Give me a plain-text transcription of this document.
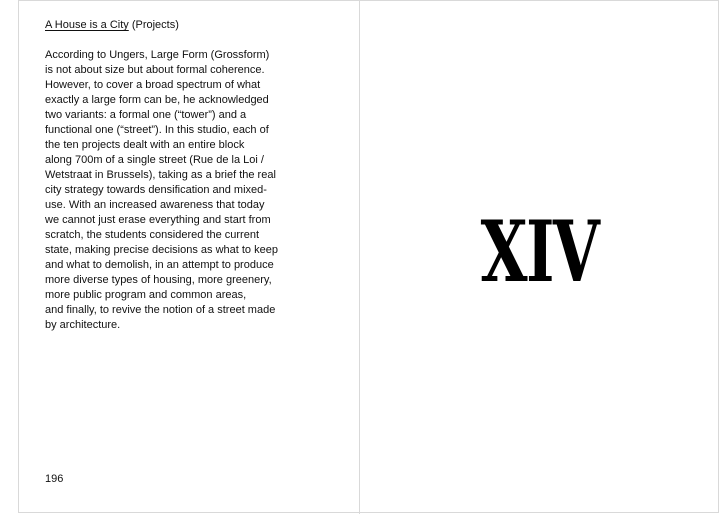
A House is a City (Projects)
According to Ungers, Large Form (Grossform)
is not about size but about formal coherence.
However, to cover a broad spectrum of what
exactly a large form can be, he acknowledged
two variants: a formal one (“tower”) and a
functional one (“street”). In this studio, each of
the ten projects dealt with an entire block
along 700m of a single street (Rue de la Loi /
Wetstraat in Brussels), taking as a brief the real
city strategy towards densification and mixed-
use. With an increased awareness that today
we cannot just erase everything and start from
scratch, the students considered the current
state, making precise decisions as what to keep
and what to demolish, in an attempt to produce
more diverse types of housing, more greenery,
more public program and common areas,
and finally, to revive the notion of a street made
by architecture.
196
XIV
